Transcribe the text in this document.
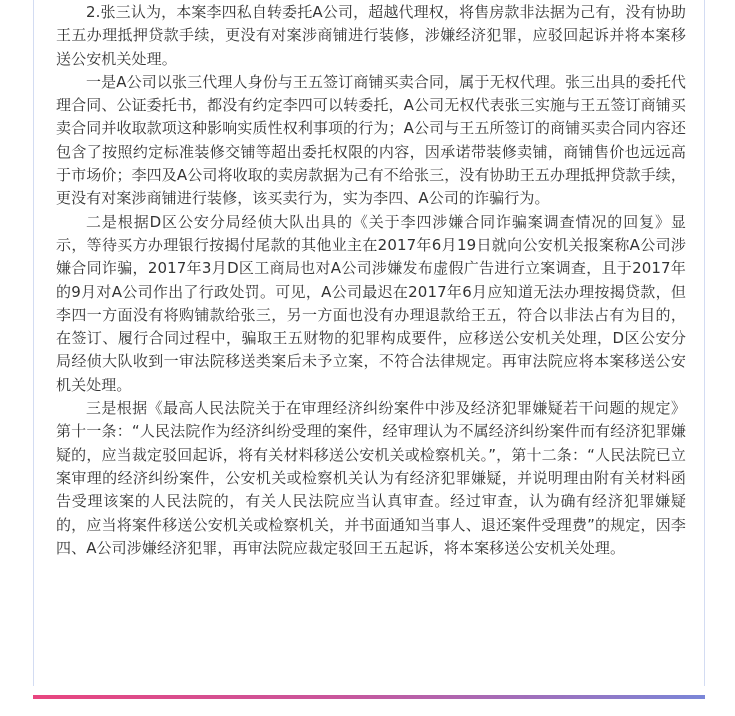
2.张三认为，本案李四私自转委托A公司，超越代理权，将售房款非法据为己有，没有协助王五办理抵押贷款手续，更没有对案涉商铺进行装修，涉嫌经济犯罪，应驳回起诉并将本案移送公安机关处理。

一是A公司以张三代理人身份与王五签订商铺买卖合同，属于无权代理。张三出具的委托代理合同、公证委托书，都没有约定李四可以转委托，A公司无权代表张三实施与王五签订商铺买卖合同并收取款项这种影响实质性权利事项的行为；A公司与王五所签订的商铺买卖合同内容还包含了按照约定标准装修交铺等超出委托权限的内容，因承诺带装修卖铺，商铺售价也远远高于市场价；李四及A公司将收取的卖房款据为己有不给张三，没有协助王五办理抵押贷款手续，更没有对案涉商铺进行装修，该买卖行为，实为李四、A公司的诈骗行为。

二是根据D区公安分局经侦大队出具的《关于李四涉嫌合同诈骗案调查情况的回复》显示，等待买方办理银行按揭付尾款的其他业主在2017年6月19日就向公安机关报案称A公司涉嫌合同诈骗，2017年3月D区工商局也对A公司涉嫌发布虚假广告进行立案调查，且于2017年的9月对A公司作出了行政处罚。可见，A公司最迟在2017年6月应知道无法办理按揭贷款，但李四一方面没有将购铺款给张三，另一方面也没有办理退款给王五，符合以非法占有为目的，在签订、履行合同过程中，骗取王五财物的犯罪构成要件，应移送公安机关处理，D区公安分局经侦大队收到一审法院移送类案后未予立案，不符合法律规定。再审法院应将本案移送公安机关处理。

三是根据《最高人民法院关于在审理经济纠纷案件中涉及经济犯罪嫌疑若干问题的规定》第十一条：“人民法院作为经济纠纷受理的案件，经审理认为不属经济纠纷案件而有经济犯罪嫌疑的，应当裁定驳回起诉，将有关材料移送公安机关或检察机关。”，第十二条：“人民法院已立案审理的经济纠纷案件，公安机关或检察机关认为有经济犯罪嫌疑，并说明理由附有关材料函告受理该案的人民法院的，有关人民法院应当认真审查。经过审查，认为确有经济犯罪嫌疑的，应当将案件移送公安机关或检察机关，并书面通知当事人、退还案件受理费”的规定，因李四、A公司涉嫌经济犯罪，再审法院应裁定驳回王五起诉，将本案移送公安机关处理。
